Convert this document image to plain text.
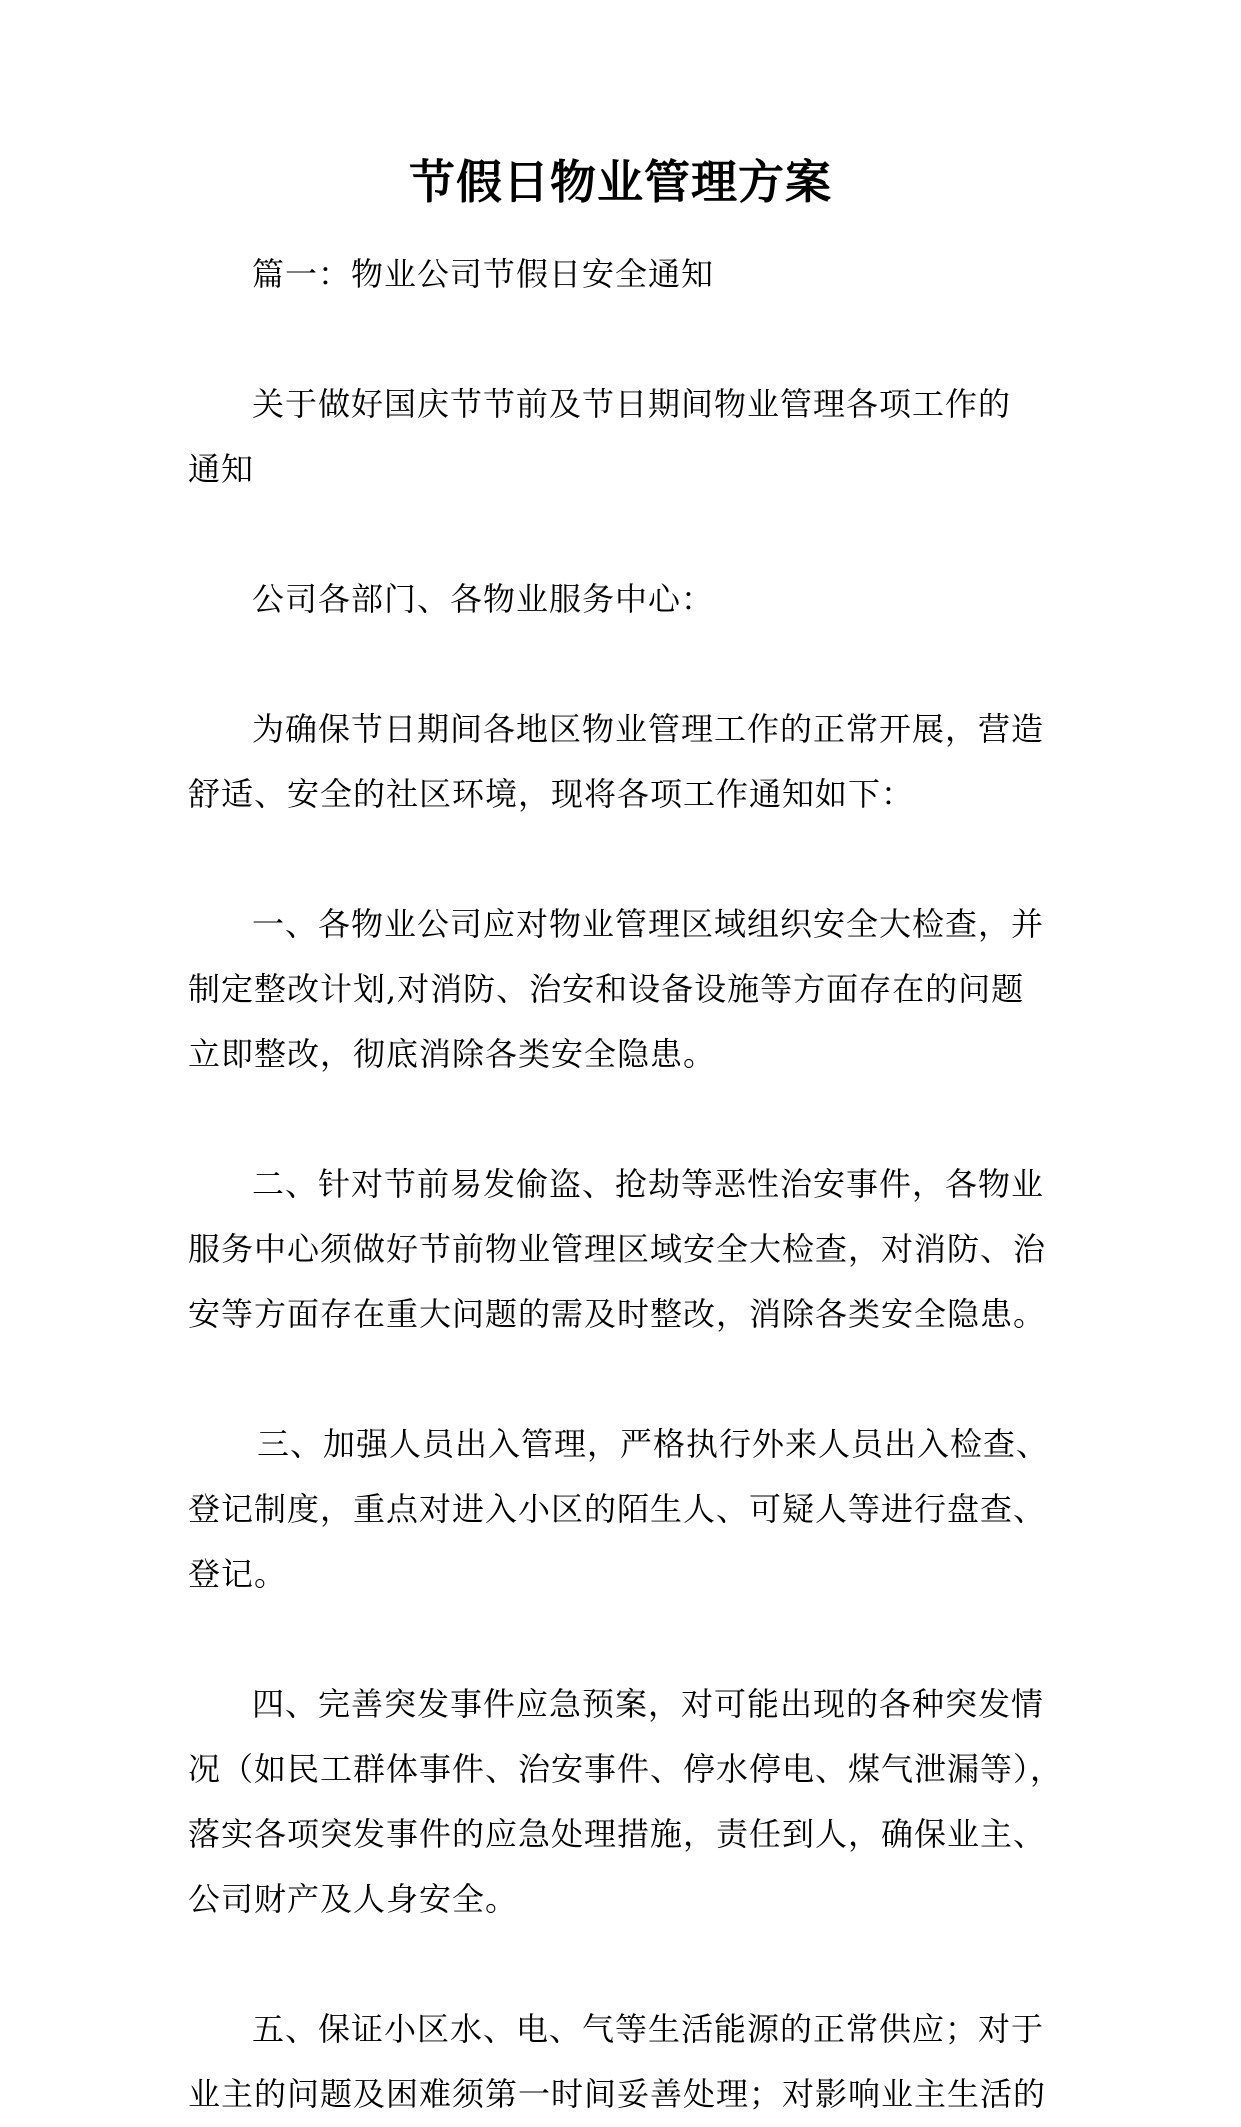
节假日物业管理方案
篇一：物业公司节假日安全通知
关于做好国庆节节前及节日期间物业管理各项工作的
通知
公司各部门、各物业服务中心：
为确保节日期间各地区物业管理工作的正常开展，营造
舒适、安全的社区环境，现将各项工作通知如下：
一、各物业公司应对物业管理区域组织安全大检查，并
制定整改计划,对消防、治安和设备设施等方面存在的问题
立即整改，彻底消除各类安全隐患。
二、针对节前易发偷盗、抢劫等恶性治安事件，各物业
服务中心须做好节前物业管理区域安全大检查，对消防、治
安等方面存在重大问题的需及时整改，消除各类安全隐患。
三、加强人员出入管理，严格执行外来人员出入检查、
登记制度，重点对进入小区的陌生人、可疑人等进行盘查、
登记。
四、完善突发事件应急预案，对可能出现的各种突发情
况（如民工群体事件、治安事件、停水停电、煤气泄漏等），
落实各项突发事件的应急处理措施，责任到人，确保业主、
公司财产及人身安全。
五、保证小区水、电、气等生活能源的正常供应；对于
业主的问题及困难须第一时间妥善处理；对影响业主生活的
